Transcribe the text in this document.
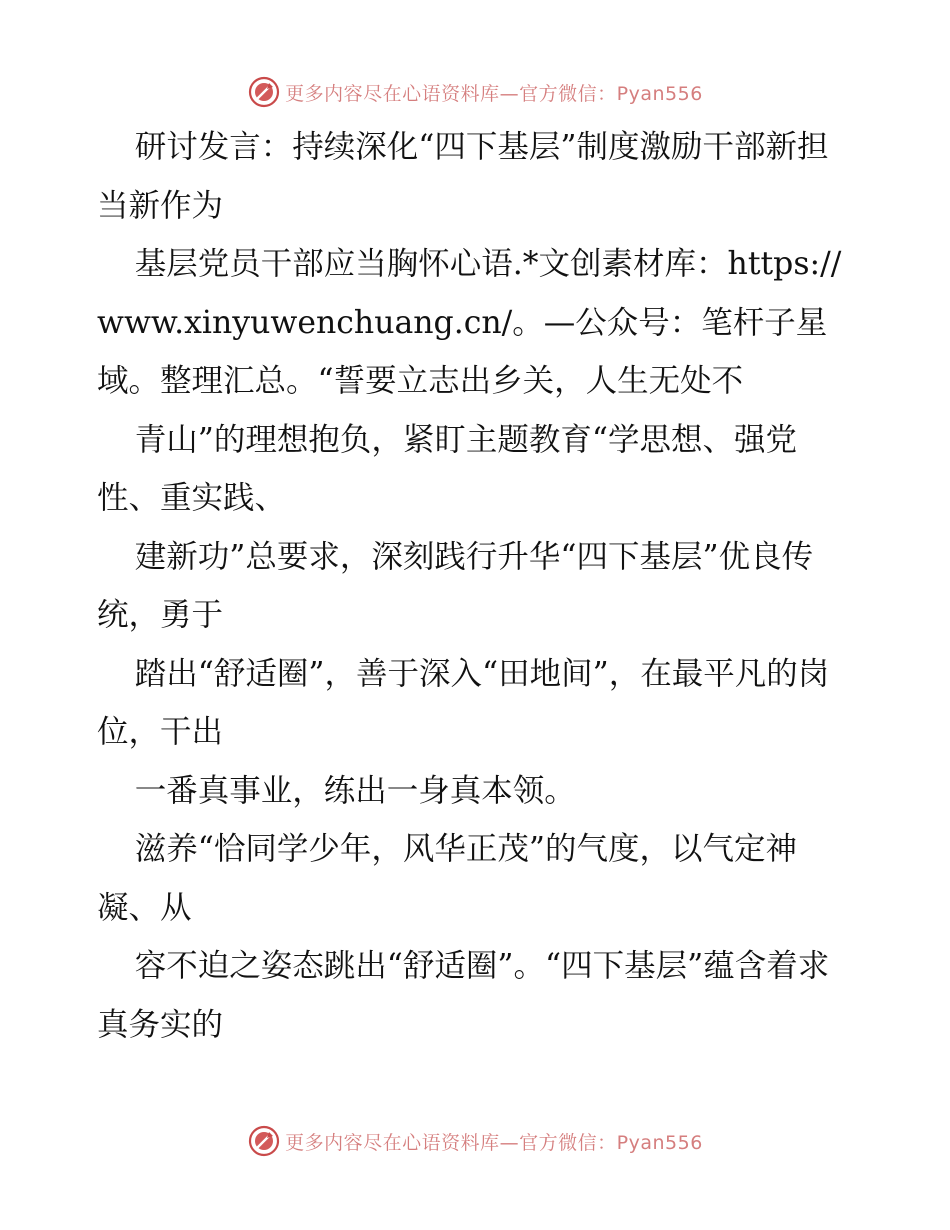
更多内容尽在心语资料库—官方微信：Pyan556

研讨发言：持续深化“四下基层”制度激励干部新担当新作为

基层党员干部应当胸怀心语.*文创素材库：https://www.xinyuwenchuang.cn/。—公众号：笔杆子星域。整理汇总。“誓要立志出乡关，人生无处不

青山”的理想抱负，紧盯主题教育“学思想、强党性、重实践、

建新功”总要求，深刻践行升华“四下基层”优良传统，勇于

踏出“舒适圈”，善于深入“田地间”，在最平凡的岗位，干出

一番真事业，练出一身真本领。

滋养“恰同学少年，风华正茂”的气度，以气定神凝、从

容不迫之姿态跳出“舒适圈”。“四下基层”蕴含着求真务实的

更多内容尽在心语资料库—官方微信：Pyan556
